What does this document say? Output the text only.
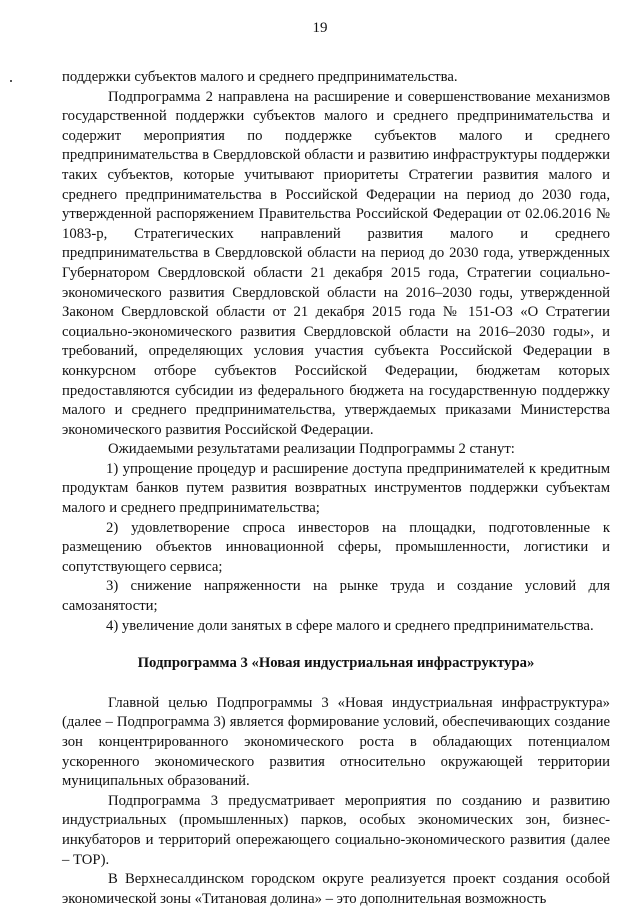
19

поддержки субъектов малого и среднего предпринимательства.

Подпрограмма 2 направлена на расширение и совершенствование механизмов государственной поддержки субъектов малого и среднего предпринимательства и содержит мероприятия по поддержке субъектов малого и среднего предпринимательства в Свердловской области и развитию инфраструктуры поддержки таких субъектов, которые учитывают приоритеты Стратегии развития малого и среднего предпринимательства в Российской Федерации на период до 2030 года, утвержденной распоряжением Правительства Российской Федерации от 02.06.2016 № 1083-р, Стратегических направлений развития малого и среднего предпринимательства в Свердловской области на период до 2030 года, утвержденных Губернатором Свердловской области 21 декабря 2015 года, Стратегии социально-экономического развития Свердловской области на 2016–2030 годы, утвержденной Законом Свердловской области от 21 декабря 2015 года № 151-ОЗ «О Стратегии социально-экономического развития Свердловской области на 2016–2030 годы», и требований, определяющих условия участия субъекта Российской Федерации в конкурсном отборе субъектов Российской Федерации, бюджетам которых предоставляются субсидии из федерального бюджета на государственную поддержку малого и среднего предпринимательства, утверждаемых приказами Министерства экономического развития Российской Федерации.

Ожидаемыми результатами реализации Подпрограммы 2 станут:

1) упрощение процедур и расширение доступа предпринимателей к кредитным продуктам банков путем развития возвратных инструментов поддержки субъектам малого и среднего предпринимательства;

2) удовлетворение спроса инвесторов на площадки, подготовленные к размещению объектов инновационной сферы, промышленности, логистики и сопутствующего сервиса;

3) снижение напряженности на рынке труда и создание условий для самозанятости;

4) увеличение доли занятых в сфере малого и среднего предпринимательства.

Подпрограмма 3 «Новая индустриальная инфраструктура»

Главной целью Подпрограммы 3 «Новая индустриальная инфраструктура» (далее – Подпрограмма 3) является формирование условий, обеспечивающих создание зон концентрированного экономического роста в обладающих потенциалом ускоренного экономического развития относительно окружающей территории муниципальных образований.

Подпрограмма 3 предусматривает мероприятия по созданию и развитию индустриальных (промышленных) парков, особых экономических зон, бизнес-инкубаторов и территорий опережающего социально-экономического развития (далее – ТОР).

В Верхнесалдинском городском округе реализуется проект создания особой экономической зоны «Титановая долина» – это дополнительная возможность
